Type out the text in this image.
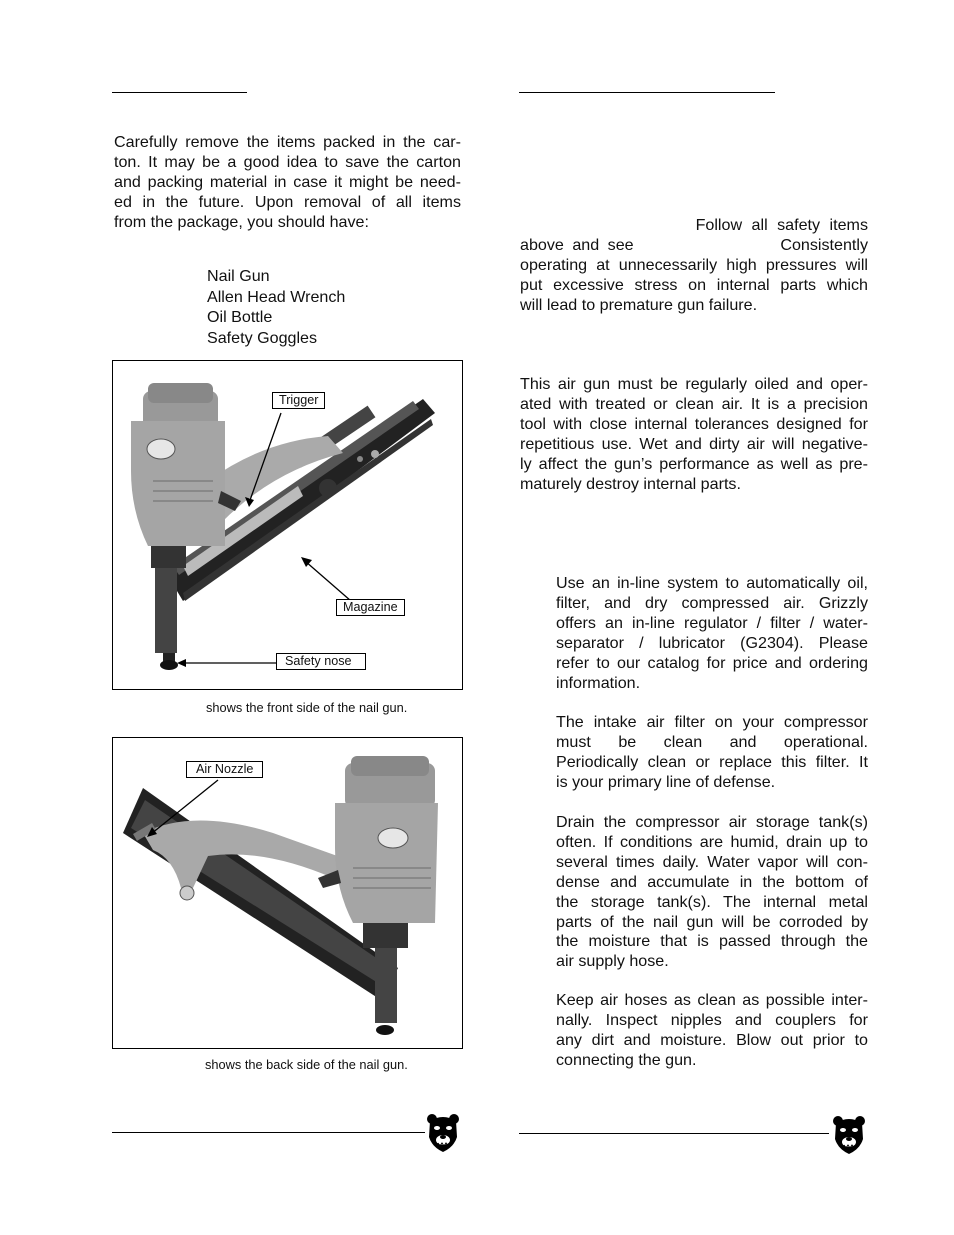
Carefully remove the items packed in the car-
ton. It may be a good idea to save the carton
and packing material in case it might be need-
ed in the future. Upon removal of all items
from the package, you should have:
Nail Gun
Allen Head Wrench
Oil Bottle
Safety Goggles
Trigger
Magazine
Safety nose
shows the front side of the nail gun.
Air Nozzle
shows the back side of the nail gun.
Follow all safety items
above and see	Consistently
operating at unnecessarily high pressures will
put excessive stress on internal parts which
will lead to premature gun failure.
This air gun must be regularly oiled and oper-
ated with treated or clean air. It is a precision
tool with close internal tolerances designed for
repetitious use. Wet and dirty air will negative-
ly affect the gun’s performance as well as pre-
maturely destroy internal parts.
Use an in-line system to automatically oil,
filter, and dry compressed air. Grizzly
offers an in-line regulator / filter / water-
separator / lubricator (G2304). Please
refer to our catalog for price and ordering
information.
The intake air filter on your compressor
must be clean and operational.
Periodically clean or replace this filter. It
is your primary line of defense.
Drain the compressor air storage tank(s)
often. If conditions are humid, drain up to
several times daily. Water vapor will con-
dense and accumulate in the bottom of
the storage tank(s). The internal metal
parts of the nail gun will be corroded by
the moisture that is passed through the
air supply hose.
Keep air hoses as clean as possible inter-
nally. Inspect nipples and couplers for
any dirt and moisture. Blow out prior to
connecting the gun.
